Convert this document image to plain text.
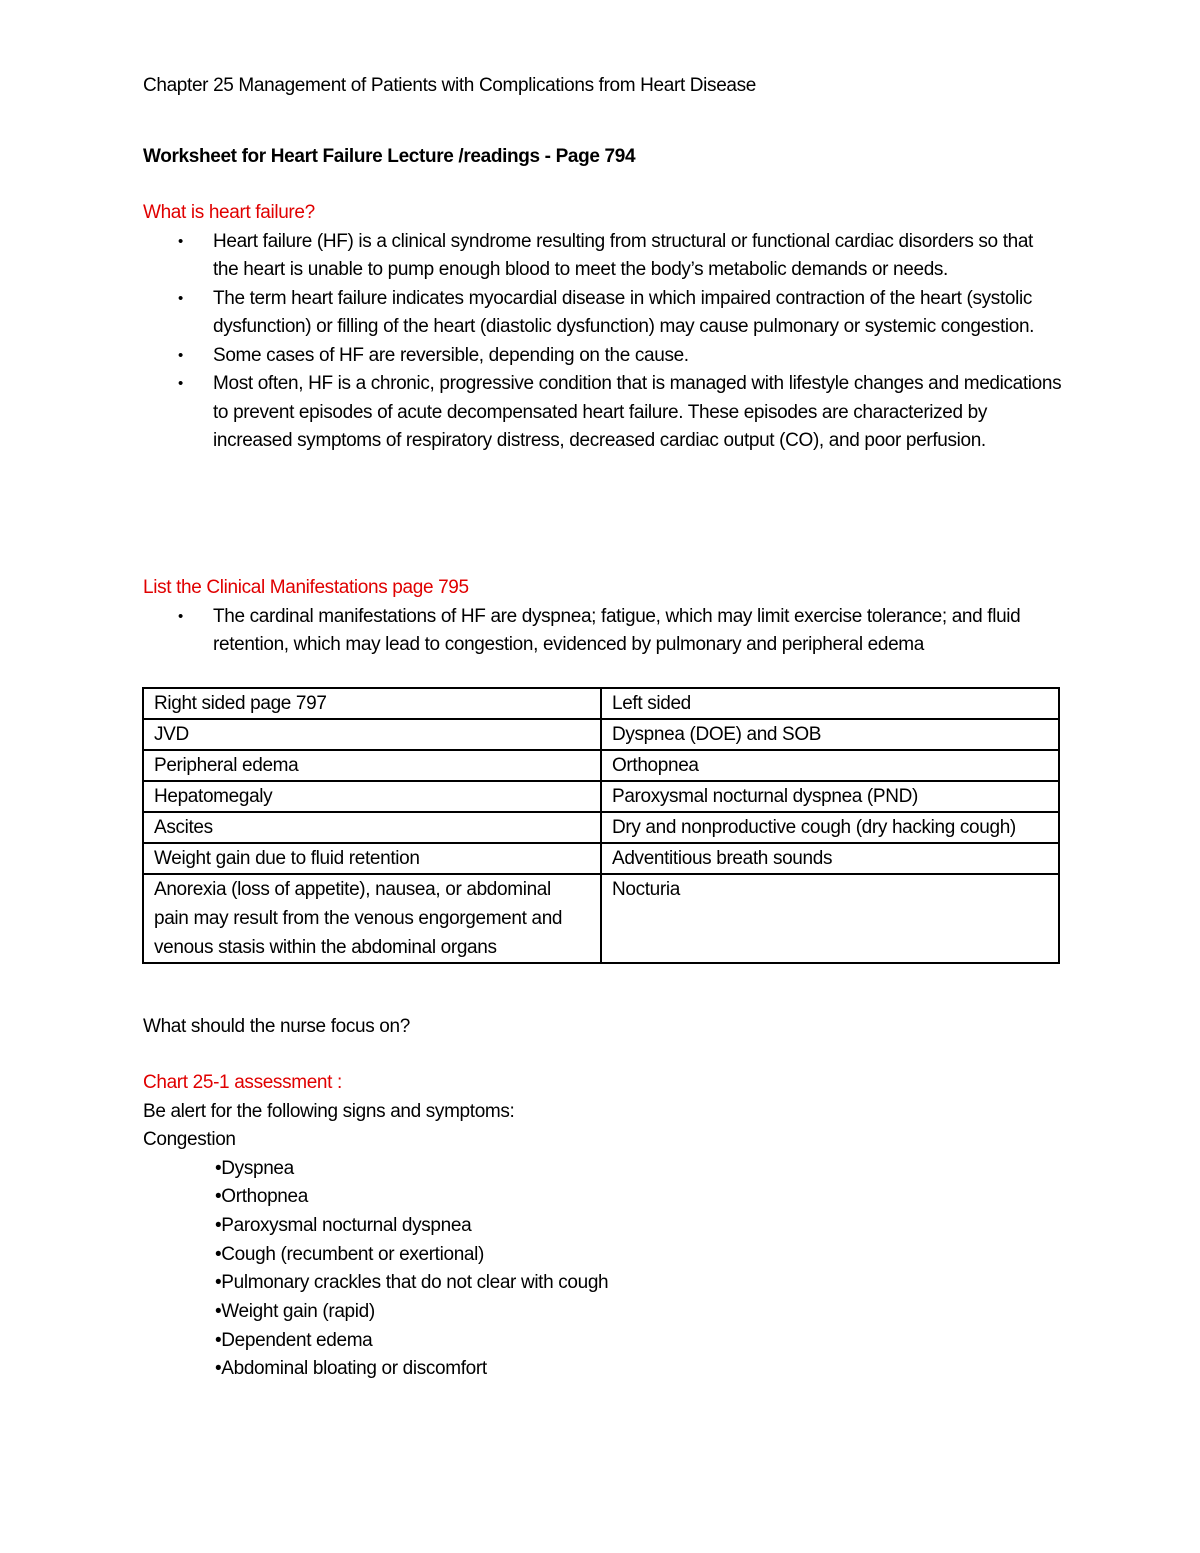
Chapter 25 Management of Patients with Complications from Heart Disease
Worksheet for Heart Failure Lecture /readings - Page 794
What is heart failure?
• Heart failure (HF) is a clinical syndrome resulting from structural or functional cardiac disorders so that the heart is unable to pump enough blood to meet the body’s metabolic demands or needs.
• The term heart failure indicates myocardial disease in which impaired contraction of the heart (systolic dysfunction) or filling of the heart (diastolic dysfunction) may cause pulmonary or systemic congestion.
• Some cases of HF are reversible, depending on the cause.
• Most often, HF is a chronic, progressive condition that is managed with lifestyle changes and medications to prevent episodes of acute decompensated heart failure. These episodes are characterized by increased symptoms of respiratory distress, decreased cardiac output (CO), and poor perfusion.
List the Clinical Manifestations page 795
• The cardinal manifestations of HF are dyspnea; fatigue, which may limit exercise tolerance; and fluid retention, which may lead to congestion, evidenced by pulmonary and peripheral edema
Right sided page 797	Left sided
JVD	Dyspnea (DOE) and SOB
Peripheral edema	Orthopnea
Hepatomegaly	Paroxysmal nocturnal dyspnea (PND)
Ascites	Dry and nonproductive cough (dry hacking cough)
Weight gain due to fluid retention	Adventitious breath sounds
Anorexia (loss of appetite), nausea, or abdominal pain may result from the venous engorgement and venous stasis within the abdominal organs	Nocturia
What should the nurse focus on?
Chart 25-1 assessment :
Be alert for the following signs and symptoms:
Congestion
•Dyspnea
•Orthopnea
•Paroxysmal nocturnal dyspnea
•Cough (recumbent or exertional)
•Pulmonary crackles that do not clear with cough
•Weight gain (rapid)
•Dependent edema
•Abdominal bloating or discomfort
